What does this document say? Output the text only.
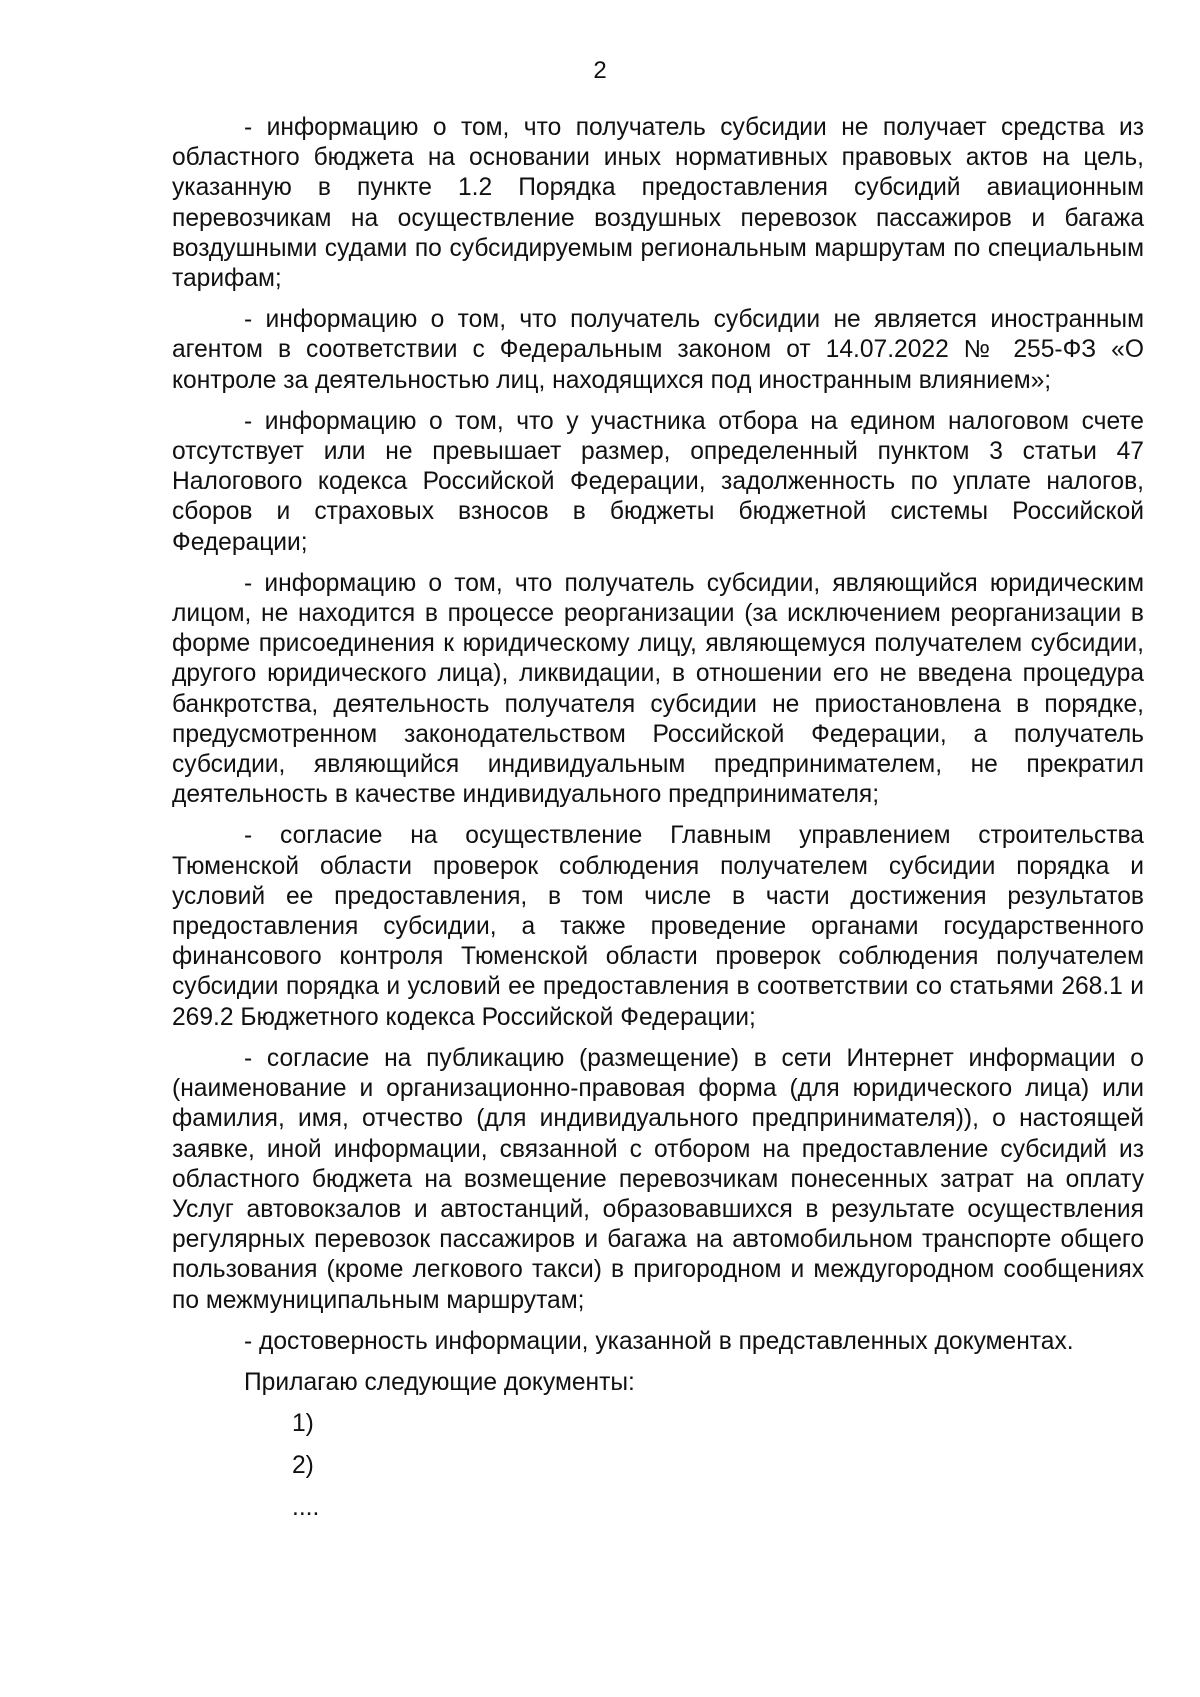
2

- информацию о том, что получатель субсидии не получает средства из областного бюджета на основании иных нормативных правовых актов на цель, указанную в пункте 1.2 Порядка предоставления субсидий авиационным перевозчикам на осуществление воздушных перевозок пассажиров и багажа воздушными судами по субсидируемым региональным маршрутам по специальным тарифам;

- информацию о том, что получатель субсидии не является иностранным агентом в соответствии с Федеральным законом от 14.07.2022 № 255-ФЗ «О контроле за деятельностью лиц, находящихся под иностранным влиянием»;

- информацию о том, что у участника отбора на едином налоговом счете отсутствует или не превышает размер, определенный пунктом 3 статьи 47 Налогового кодекса Российской Федерации, задолженность по уплате налогов, сборов и страховых взносов в бюджеты бюджетной системы Российской Федерации;

- информацию о том, что получатель субсидии, являющийся юридическим лицом, не находится в процессе реорганизации (за исключением реорганизации в форме присоединения к юридическому лицу, являющемуся получателем субсидии, другого юридического лица), ликвидации, в отношении его не введена процедура банкротства, деятельность получателя субсидии не приостановлена в порядке, предусмотренном законодательством Российской Федерации, а получатель субсидии, являющийся индивидуальным предпринимателем, не прекратил деятельность в качестве индивидуального предпринимателя;

- согласие на осуществление Главным управлением строительства Тюменской области проверок соблюдения получателем субсидии порядка и условий ее предоставления, в том числе в части достижения результатов предоставления субсидии, а также проведение органами государственного финансового контроля Тюменской области проверок соблюдения получателем субсидии порядка и условий ее предоставления в соответствии со статьями 268.1 и 269.2 Бюджетного кодекса Российской Федерации;

- согласие на публикацию (размещение) в сети Интернет информации о (наименование и организационно-правовая форма (для юридического лица) или фамилия, имя, отчество (для индивидуального предпринимателя)), о настоящей заявке, иной информации, связанной с отбором на предоставление субсидий из областного бюджета на возмещение перевозчикам понесенных затрат на оплату Услуг автовокзалов и автостанций, образовавшихся в результате осуществления регулярных перевозок пассажиров и багажа на автомобильном транспорте общего пользования (кроме легкового такси) в пригородном и междугородном сообщениях по межмуниципальным маршрутам;

- достоверность информации, указанной в представленных документах.

Прилагаю следующие документы:

1)
2)
....
